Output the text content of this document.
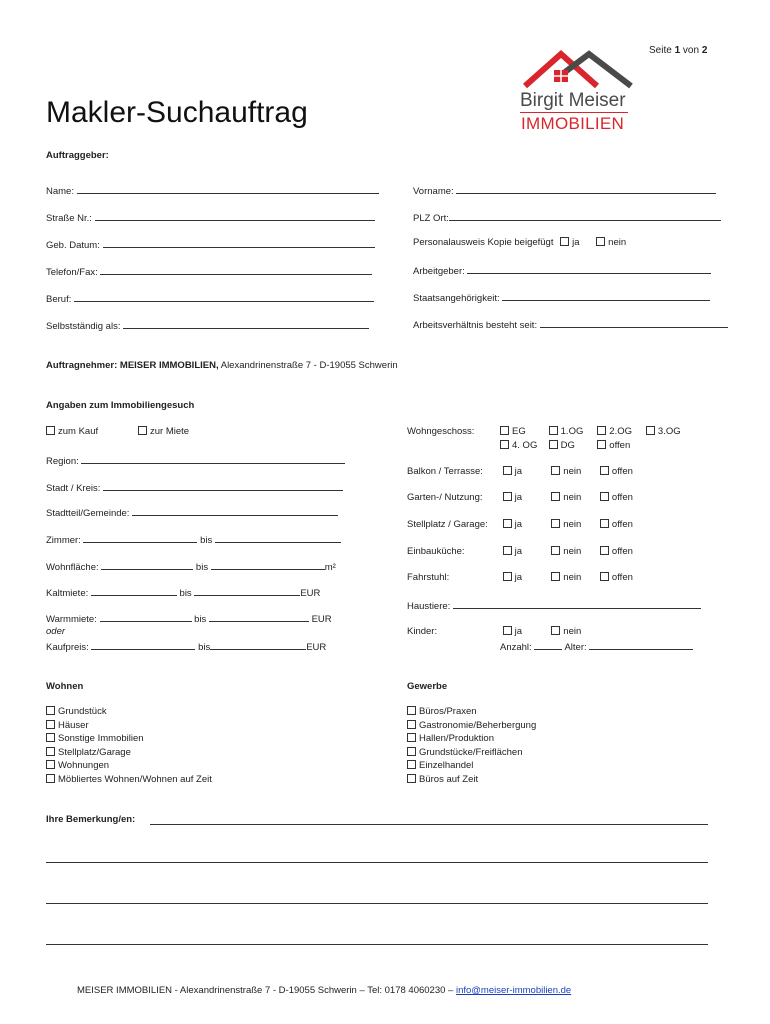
Seite 1 von 2
Birgit Meiser
IMMOBILIEN
Makler-Suchauftrag
Auftraggeber:
Name:
Straße Nr.:
Geb. Datum:
Telefon/Fax:
Beruf:
Selbstständig als:
Vorname:
PLZ Ort:
Personalausweis Kopie beigefügt ja	nein
Arbeitgeber:
Staatsangehörigkeit:
Arbeitsverhältnis besteht seit:
Auftragnehmer: MEISER IMMOBILIEN, Alexandrinenstraße 7 - D-19055 Schwerin
Angaben zum Immobiliengesuch
zum Kauf	zur Miete
Region:
Stadt / Kreis:
Stadtteil/Gemeinde:
Zimmer:	bis
Wohnfläche:	bis	m²
Kaltmiete:	bis	EUR
Warmmiete:	bis	EUR
oder
Kaufpreis:	bis	EUR
Wohngeschoss:	EG	1.OG	2.OG	3.OG
4. OG DG	offen
Balkon / Terrasse:	ja	nein	offen
Garten-/ Nutzung:	ja	nein	offen
Stellplatz / Garage:	ja	nein	offen
Einbauküche:	ja	nein	offen
Fahrstuhl:	ja	nein	offen
Haustiere:
Kinder:	ja	nein
Anzahl:	Alter:
Wohnen
Grundstück
Häuser
Sonstige Immobilien
Stellplatz/Garage
Wohnungen
Möbliertes Wohnen/Wohnen auf Zeit
Gewerbe
Büros/Praxen
Gastronomie/Beherbergung
Hallen/Produktion
Grundstücke/Freiflächen
Einzelhandel
Büros auf Zeit
Ihre Bemerkung/en:
MEISER IMMOBILIEN - Alexandrinenstraße 7 - D-19055 Schwerin – Tel: 0178 4060230 – info@meiser-immobilien.de
